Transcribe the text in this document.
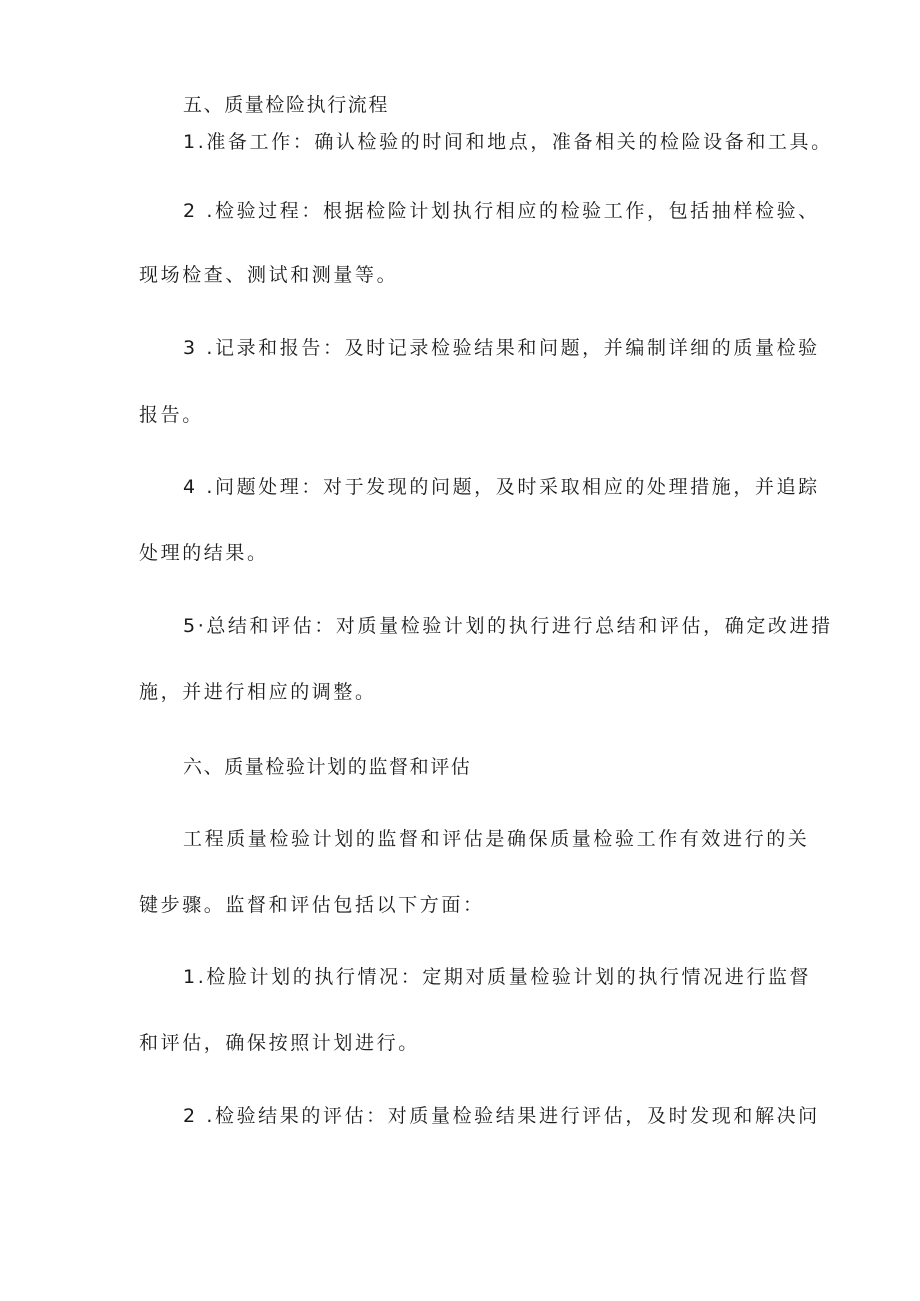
五、质量检险执行流程

1.准备工作：确认检验的时间和地点，准备相关的检险设备和工具。

2 .检验过程：根据检险计划执行相应的检验工作，包括抽样检验、

现场检查、测试和测量等。

3 .记录和报告：及时记录检验结果和问题，并编制详细的质量检验

报告。

4 .问题处理：对于发现的问题，及时采取相应的处理措施，并追踪

处理的结果。

5·总结和评估：对质量检验计划的执行进行总结和评估，确定改进措

施，并进行相应的调整。

六、质量检验计划的监督和评估

工程质量检验计划的监督和评估是确保质量检验工作有效进行的关

键步骤。监督和评估包括以下方面：

1.检脸计划的执行情况：定期对质量检验计划的执行情况进行监督

和评估，确保按照计划进行。

2 .检验结果的评估：对质量检验结果进行评估，及时发现和解决问
